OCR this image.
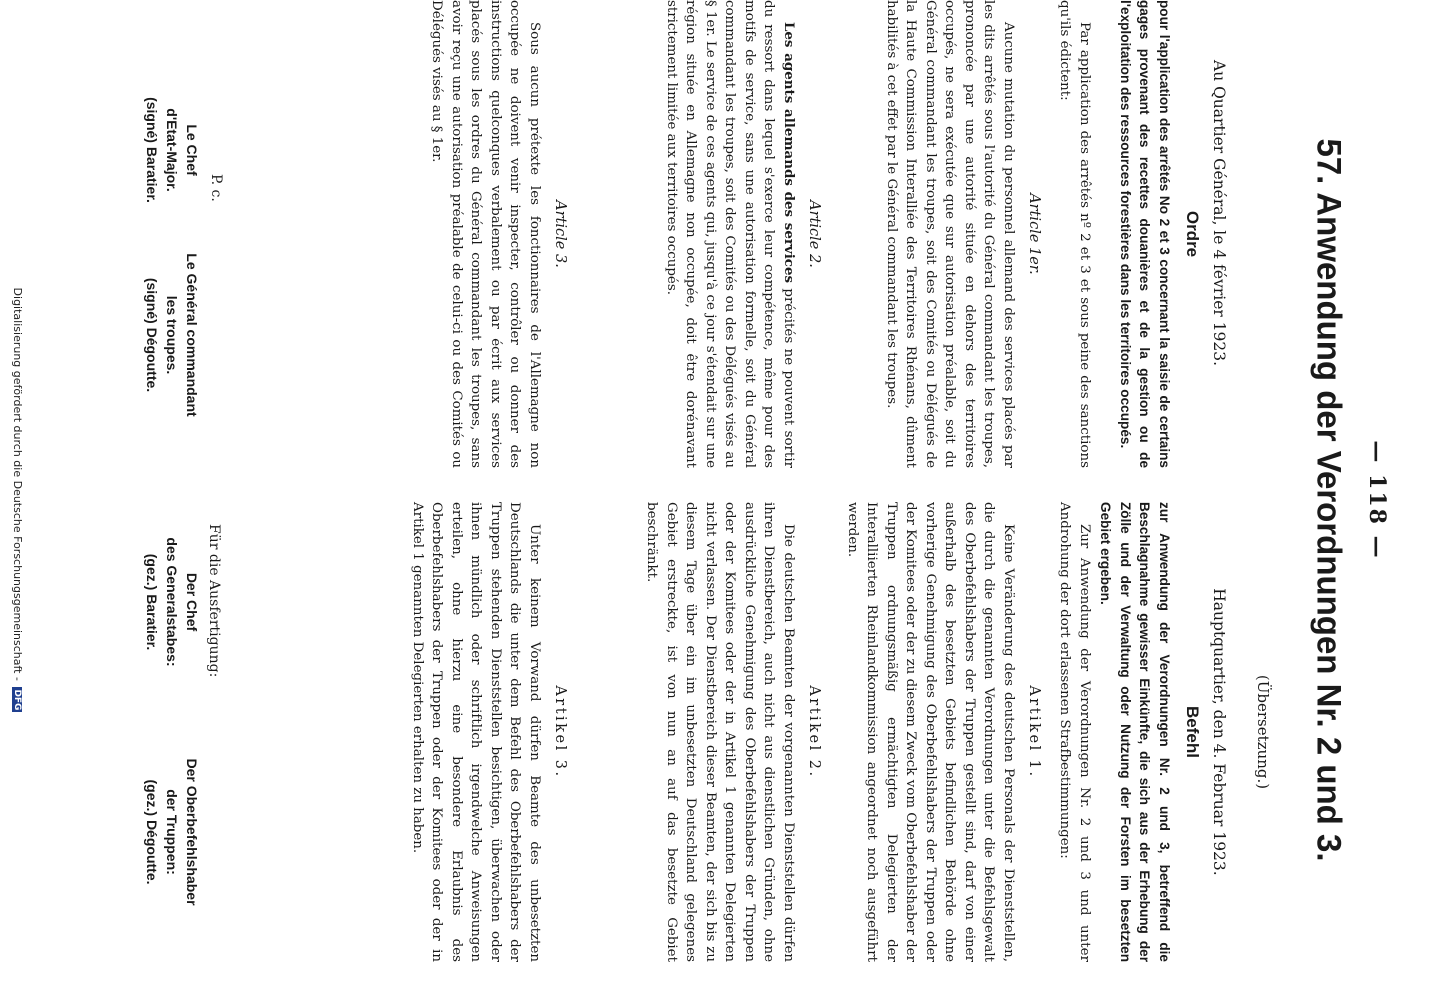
— 118 —
57. Anwendung der Verordnungen Nr. 2 und 3.
Au Quartier Général, le 4 février 1923.
Ordre
pour l'application des arrêtés No 2 et 3 concernant la saisie de certains gages provenant des recettes douanières et de la gestion ou de l'exploitation des ressources forestières dans les territoires occupés.
Par application des arrêtés nº 2 et 3 et sous peine des sanctions qu'ils édictent:
Article 1er.
Aucune mutation du personnel allemand des services placés par les dits arrêtés sous l'autorité du Général commandant les troupes, prononcée par une autorité située en dehors des territoires occupés, ne sera exécutée que sur autorisation préalable, soit du Général commandant les troupes, soit des Comités ou Délégués de la Haute Commission Interalliée des Territoires Rhénans, dûment habilités à cet effet par le Général commandant les troupes.
Article 2.
Les agents allemands des services précités ne pouvent sortir du ressort dans lequel s'exerce leur compétence, même pour des motifs de service, sans une autorisation formelle, soit du Général commandant les troupes, soit des Comités ou des Délégués visés au § 1er. Le service de ces agents qui, jusqu'à ce jour s'étendait sur une région située en Allemagne non occupée, doit être dorénavant strictement limitée aux territoires occupés.
Article 3.
Sous aucun prétexte les fonctionnaires de l'Allemagne non occupée ne doivent venir inspecter, contrôler ou donner des instructions quelconques verbalement ou par écrit aux services placés sous les ordres du Général commandant les troupes, sans avoir reçu une autorisation préalable de celui-ci ou des Comités ou Délégués visés au § 1er.
P. c.
Le Général commandant
les troupes.
(signé) Dégoutte.
Le Chef
d'Etat-Major.
(signé) Baratier.
(Übersetzung.)
Hauptquartier, den 4. Februar 1923.
Befehl
zur Anwendung der Verordnungen Nr. 2 und 3, betreffend die Beschlagnahme gewisser Einkünfte, die sich aus der Erhebung der Zölle und der Verwaltung oder Nutzung der Forsten im besetzten Gebiet ergeben.
Zur Anwendung der Verordnungen Nr. 2 und 3 und unter Androhung der dort erlassenen Strafbestimmungen:
Artikel 1.
Keine Veränderung des deutschen Personals der Dienststellen, die durch die genannten Verordnungen unter die Befehlsgewalt des Oberbefehlshabers der Truppen gestellt sind, darf von einer außerhalb des besetzten Gebiets befindlichen Behörde ohne vorherige Genehmigung des Oberbefehlshabers der Truppen oder der Komitees oder der zu diesem Zweck vom Oberbefehlshaber der Truppen ordnungsmäßig ermächtigten Delegierten der Interalliierten Rheinlandkommission angeordnet noch ausgeführt werden.
Artikel 2.
Die deutschen Beamten der vorgenannten Dienststellen dürfen ihren Dienstbereich, auch nicht aus dienstlichen Gründen, ohne ausdrückliche Genehmigung des Oberbefehlshabers der Truppen oder der Komitees oder der in Artikel 1 genannten Delegierten nicht verlassen. Der Dienstbereich dieser Beamten, der sich bis zu diesem Tage über ein im unbesetzten Deutschland gelegenes Gebiet erstreckte, ist von nun an auf das besetzte Gebiet beschränkt.
Artikel 3.
Unter keinem Vorwand dürfen Beamte des unbesetzten Deutschlands die unter dem Befehl des Oberbefehlshabers der Truppen stehenden Dienststellen besichtigen, überwachen oder ihnen mündlich oder schriftlich irgendwelche Anweisungen erteilen, ohne hierzu eine besondere Erlaubnis des Oberbefehlshabers der Truppen oder der Komitees oder der in Artikel 1 genannten Delegierten erhalten zu haben.
Für die Ausfertigung:
Der Chef
des Generalstabes:
(gez.) Baratier.
Der Oberbefehlshaber
der Truppen:
(gez.) Dégoutte.
Digitalisierung gefördert durch die Deutsche Forschungsgemeinschaft - DFG
